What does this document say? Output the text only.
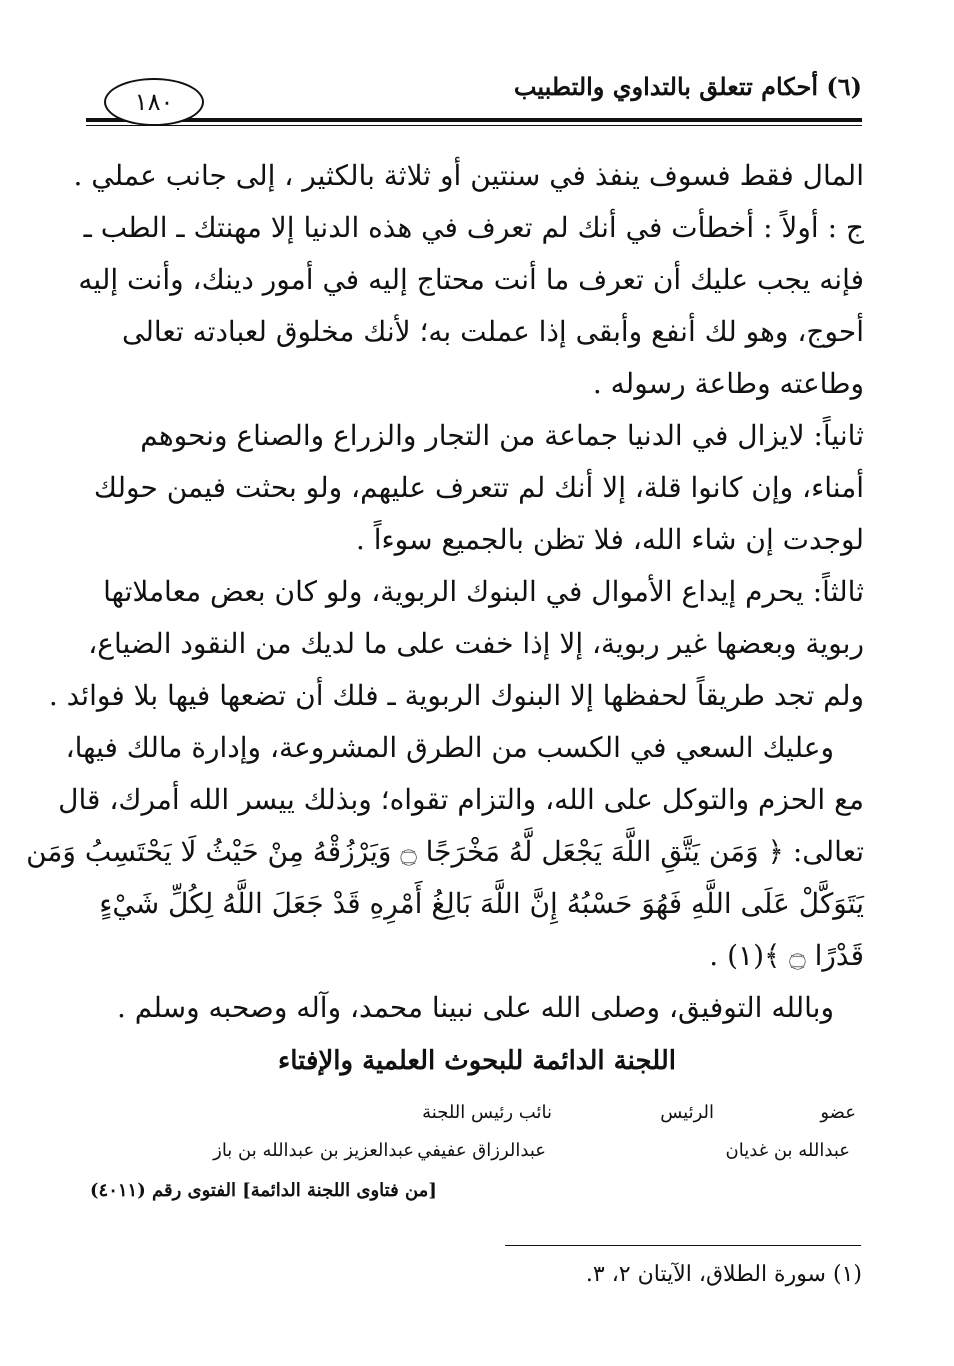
(٦) أحكام تتعلق بالتداوي والتطبيب
١٨٠
المال فقط فسوف ينفذ في سنتين أو ثلاثة بالكثير ، إلى جانب عملي .
ج : أولاً : أخطأت في أنك لم تعرف في هذه الدنيا إلا مهنتك ـ الطب ـ
فإنه يجب عليك أن تعرف ما أنت محتاج إليه في أمور دينك، وأنت إليه
أحوج، وهو لك أنفع وأبقى إذا عملت به؛ لأنك مخلوق لعبادته تعالى
وطاعته وطاعة رسوله .
ثانياً: لايزال في الدنيا جماعة من التجار والزراع والصناع ونحوهم
أمناء، وإن كانوا قلة، إلا أنك لم تتعرف عليهم، ولو بحثت فيمن حولك
لوجدت إن شاء الله، فلا تظن بالجميع سوءاً .
ثالثاً: يحرم إيداع الأموال في البنوك الربوية، ولو كان بعض معاملاتها
ربوية وبعضها غير ربوية، إلا إذا خفت على ما لديك من النقود الضياع،
ولم تجد طريقاً لحفظها إلا البنوك الربوية ـ فلك أن تضعها فيها بلا فوائد .
وعليك السعي في الكسب من الطرق المشروعة، وإدارة مالك فيها،
مع الحزم والتوكل على الله، والتزام تقواه؛ وبذلك ييسر الله أمرك، قال
تعالى: ﴿ وَمَن يَتَّقِ اللَّهَ يَجْعَل لَّهُ مَخْرَجًا ۝ وَيَرْزُقْهُ مِنْ حَيْثُ لَا يَحْتَسِبُ وَمَن
يَتَوَكَّلْ عَلَى اللَّهِ فَهُوَ حَسْبُهُ إِنَّ اللَّهَ بَالِغُ أَمْرِهِ قَدْ جَعَلَ اللَّهُ لِكُلِّ شَيْءٍ
قَدْرًا ۝ ﴾(١) .
وبالله التوفيق، وصلى الله على نبينا محمد، وآله وصحبه وسلم .
اللجنة الدائمة للبحوث العلمية والإفتاء
الرئيس
نائب رئيس اللجنة	عضو
عبدالعزيز بن عبدالله بن باز عبدالرزاق عفيفي	عبدالله بن غديان
[من فتاوى اللجنة الدائمة] الفتوى رقم (٤٠١١)
(١) سورة الطلاق، الآيتان ٢، ٣.
